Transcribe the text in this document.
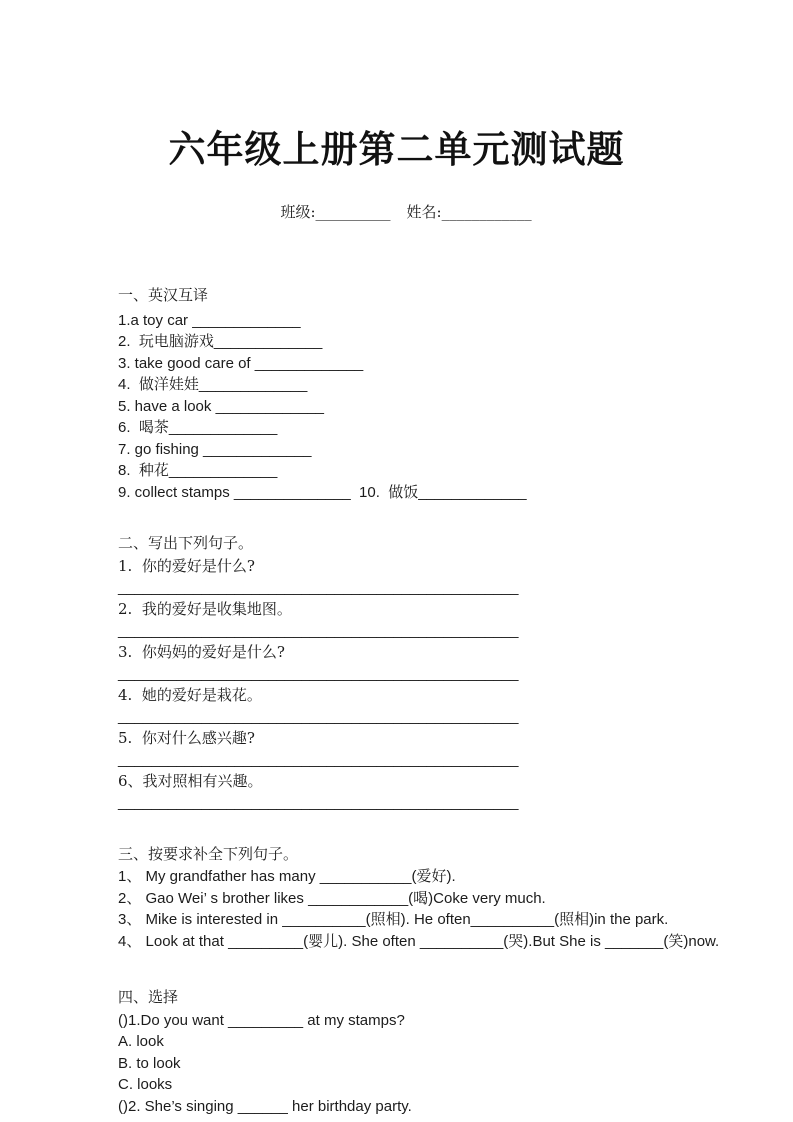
六年级上册第二单元测试题

班级:__________ 姓名:____________

一、英汉互译
1.a toy car _____________
2.  玩电脑游戏_____________
3. take good care of _____________
4.  做洋娃娃_____________
5. have a look _____________
6.  喝茶_____________
7. go fishing _____________
8.  种花_____________
9. collect stamps ______________  10.  做饭_____________
二、写出下列句子。
1.  你的爱好是什么?
________________________________________________
2.  我的爱好是收集地图。
________________________________________________
3.  你妈妈的爱好是什么?
________________________________________________
4.  她的爱好是栽花。
________________________________________________
5.  你对什么感兴趣?
________________________________________________
6、我对照相有兴趣。
________________________________________________
三、按要求补全下列句子。
1、 My grandfather has many ___________(爱好).
2、 Gao Wei’ s brother likes ____________(喝)Coke very much.
3、 Mike is interested in __________(照相). He often__________(照相)in the park.
4、 Look at that _________(婴儿). She often __________(哭).But She is _______(笑)now.
四、选择
()1.Do you want _________ at my stamps?
A. look
B. to look
C. looks
()2. She’s singing ______ her birthday party.
